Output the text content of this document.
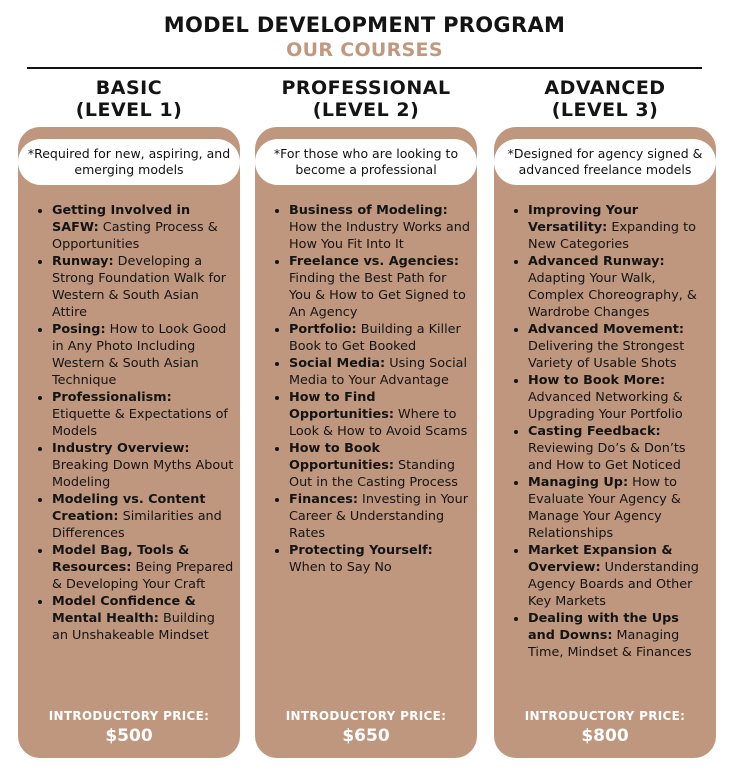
MODEL DEVELOPMENT PROGRAM
OUR COURSES
BASIC
(LEVEL 1)
*Required for new, aspiring, and emerging models
• Getting Involved in SAFW: Casting Process & Opportunities
• Runway: Developing a Strong Foundation Walk for Western & South Asian Attire
• Posing: How to Look Good in Any Photo Including Western & South Asian Technique
• Professionalism: Etiquette & Expectations of Models
• Industry Overview: Breaking Down Myths About Modeling
• Modeling vs. Content Creation: Similarities and Differences
• Model Bag, Tools & Resources: Being Prepared & Developing Your Craft
• Model Confidence & Mental Health: Building an Unshakeable Mindset
INTRODUCTORY PRICE:
$500
PROFESSIONAL
(LEVEL 2)
*For those who are looking to become a professional
• Business of Modeling: How the Industry Works and How You Fit Into It
• Freelance vs. Agencies: Finding the Best Path for You & How to Get Signed to An Agency
• Portfolio: Building a Killer Book to Get Booked
• Social Media: Using Social Media to Your Advantage
• How to Find Opportunities: Where to Look & How to Avoid Scams
• How to Book Opportunities: Standing Out in the Casting Process
• Finances: Investing in Your Career & Understanding Rates
• Protecting Yourself: When to Say No
INTRODUCTORY PRICE:
$650
ADVANCED
(LEVEL 3)
*Designed for agency signed & advanced freelance models
• Improving Your Versatility: Expanding to New Categories
• Advanced Runway: Adapting Your Walk, Complex Choreography, & Wardrobe Changes
• Advanced Movement: Delivering the Strongest Variety of Usable Shots
• How to Book More: Advanced Networking & Upgrading Your Portfolio
• Casting Feedback: Reviewing Do’s & Don’ts and How to Get Noticed
• Managing Up: How to Evaluate Your Agency & Manage Your Agency Relationships
• Market Expansion & Overview: Understanding Agency Boards and Other Key Markets
• Dealing with the Ups and Downs: Managing Time, Mindset & Finances
INTRODUCTORY PRICE:
$800
